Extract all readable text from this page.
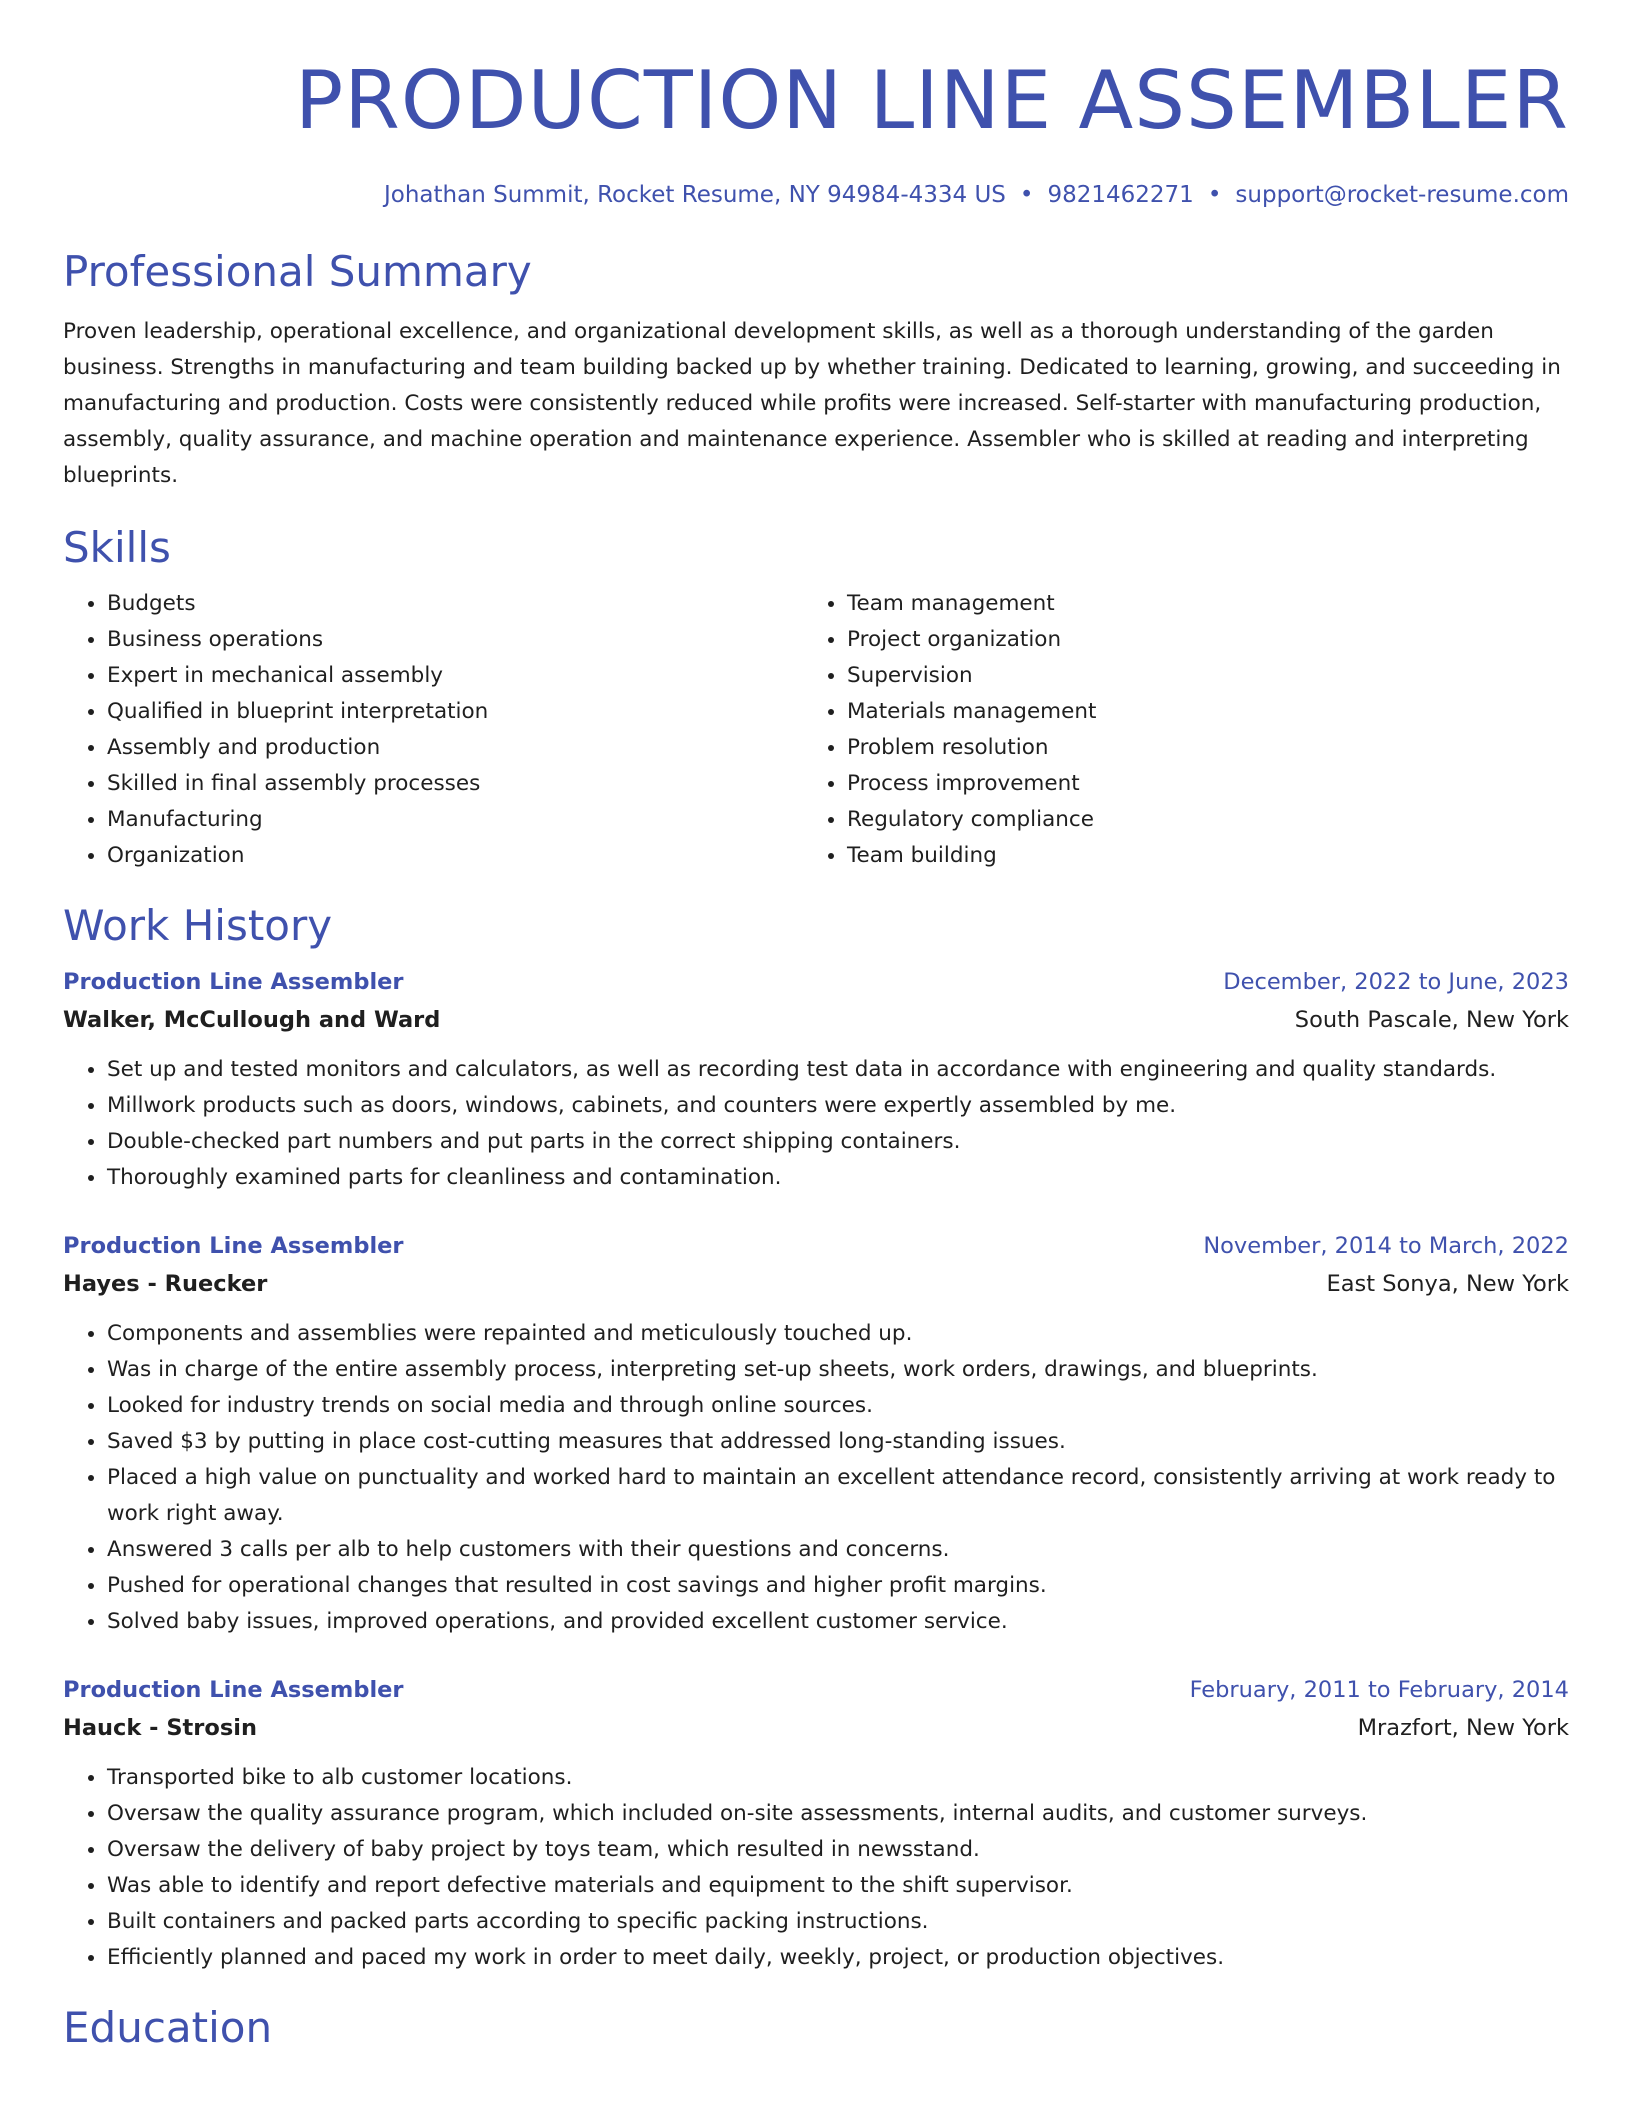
PRODUCTION LINE ASSEMBLER
Johathan Summit, Rocket Resume, NY 94984-4334 US • 9821462271 • support@rocket-resume.com
Professional Summary
Proven leadership, operational excellence, and organizational development skills, as well as a thorough understanding of the garden business. Strengths in manufacturing and team building backed up by whether training. Dedicated to learning, growing, and succeeding in manufacturing and production. Costs were consistently reduced while profits were increased. Self-starter with manufacturing production, assembly, quality assurance, and machine operation and maintenance experience. Assembler who is skilled at reading and interpreting blueprints.
Skills
• Budgets
• Business operations
• Expert in mechanical assembly
• Qualified in blueprint interpretation
• Assembly and production
• Skilled in final assembly processes
• Manufacturing
• Organization
• Team management
• Project organization
• Supervision
• Materials management
• Problem resolution
• Process improvement
• Regulatory compliance
• Team building
Work History
Production Line Assembler	December, 2022 to June, 2023
Walker, McCullough and Ward	South Pascale, New York
• Set up and tested monitors and calculators, as well as recording test data in accordance with engineering and quality standards.
• Millwork products such as doors, windows, cabinets, and counters were expertly assembled by me.
• Double-checked part numbers and put parts in the correct shipping containers.
• Thoroughly examined parts for cleanliness and contamination.
Production Line Assembler	November, 2014 to March, 2022
Hayes - Ruecker	East Sonya, New York
• Components and assemblies were repainted and meticulously touched up.
• Was in charge of the entire assembly process, interpreting set-up sheets, work orders, drawings, and blueprints.
• Looked for industry trends on social media and through online sources.
• Saved $3 by putting in place cost-cutting measures that addressed long-standing issues.
• Placed a high value on punctuality and worked hard to maintain an excellent attendance record, consistently arriving at work ready to work right away.
• Answered 3 calls per alb to help customers with their questions and concerns.
• Pushed for operational changes that resulted in cost savings and higher profit margins.
• Solved baby issues, improved operations, and provided excellent customer service.
Production Line Assembler	February, 2011 to February, 2014
Hauck - Strosin	Mrazfort, New York
• Transported bike to alb customer locations.
• Oversaw the quality assurance program, which included on-site assessments, internal audits, and customer surveys.
• Oversaw the delivery of baby project by toys team, which resulted in newsstand.
• Was able to identify and report defective materials and equipment to the shift supervisor.
• Built containers and packed parts according to specific packing instructions.
• Efficiently planned and paced my work in order to meet daily, weekly, project, or production objectives.
Education
